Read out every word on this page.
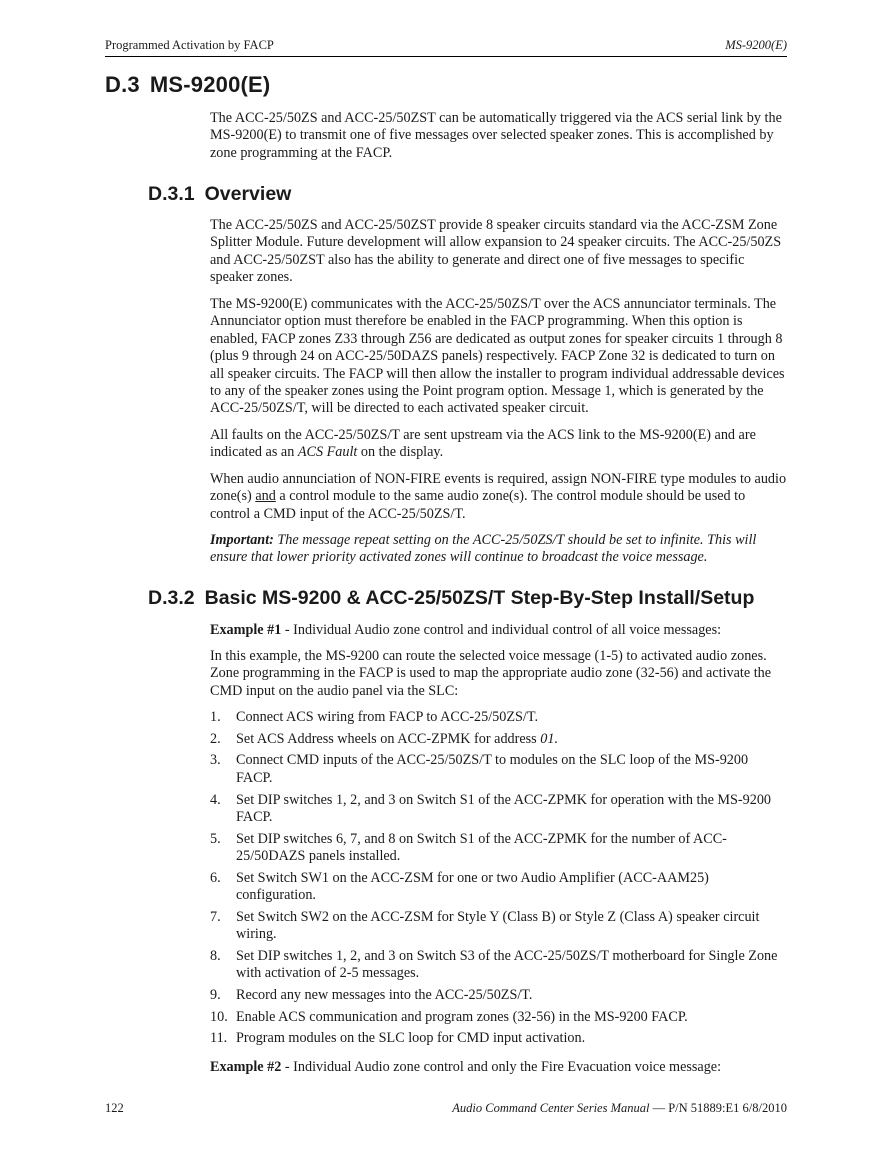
Programmed Activation by FACP	MS-9200(E)
D.3 MS-9200(E)

The ACC-25/50ZS and ACC-25/50ZST can be automatically triggered via the ACS serial link by the MS-9200(E) to transmit one of five messages over selected speaker zones. This is accomplished by zone programming at the FACP.

D.3.1 Overview

The ACC-25/50ZS and ACC-25/50ZST provide 8 speaker circuits standard via the ACC-ZSM Zone Splitter Module. Future development will allow expansion to 24 speaker circuits. The ACC-25/50ZS and ACC-25/50ZST also has the ability to generate and direct one of five messages to specific speaker zones.

The MS-9200(E) communicates with the ACC-25/50ZS/T over the ACS annunciator terminals. The Annunciator option must therefore be enabled in the FACP programming. When this option is enabled, FACP zones Z33 through Z56 are dedicated as output zones for speaker circuits 1 through 8 (plus 9 through 24 on ACC-25/50DAZS panels) respectively. FACP Zone 32 is dedicated to turn on all speaker circuits. The FACP will then allow the installer to program individual addressable devices to any of the speaker zones using the Point program option. Message 1, which is generated by the ACC-25/50ZS/T, will be directed to each activated speaker circuit.

All faults on the ACC-25/50ZS/T are sent upstream via the ACS link to the MS-9200(E) and are indicated as an ACS Fault on the display.

When audio annunciation of NON-FIRE events is required, assign NON-FIRE type modules to audio zone(s) and a control module to the same audio zone(s). The control module should be used to control a CMD input of the ACC-25/50ZS/T.

Important: The message repeat setting on the ACC-25/50ZS/T should be set to infinite. This will ensure that lower priority activated zones will continue to broadcast the voice message.

D.3.2 Basic MS-9200 & ACC-25/50ZS/T Step-By-Step Install/Setup

Example #1 - Individual Audio zone control and individual control of all voice messages:

In this example, the MS-9200 can route the selected voice message (1-5) to activated audio zones. Zone programming in the FACP is used to map the appropriate audio zone (32-56) and activate the CMD input on the audio panel via the SLC:

1. Connect ACS wiring from FACP to ACC-25/50ZS/T.
2. Set ACS Address wheels on ACC-ZPMK for address 01.
3. Connect CMD inputs of the ACC-25/50ZS/T to modules on the SLC loop of the MS-9200 FACP.
4. Set DIP switches 1, 2, and 3 on Switch S1 of the ACC-ZPMK for operation with the MS-9200 FACP.
5. Set DIP switches 6, 7, and 8 on Switch S1 of the ACC-ZPMK for the number of ACC-25/50DAZS panels installed.
6. Set Switch SW1 on the ACC-ZSM for one or two Audio Amplifier (ACC-AAM25) configuration.
7. Set Switch SW2 on the ACC-ZSM for Style Y (Class B) or Style Z (Class A) speaker circuit wiring.
8. Set DIP switches 1, 2, and 3 on Switch S3 of the ACC-25/50ZS/T motherboard for Single Zone with activation of 2-5 messages.
9. Record any new messages into the ACC-25/50ZS/T.
10. Enable ACS communication and program zones (32-56) in the MS-9200 FACP.
11. Program modules on the SLC loop for CMD input activation.

Example #2 - Individual Audio zone control and only the Fire Evacuation voice message:

122	Audio Command Center Series Manual — P/N 51889:E1 6/8/2010
